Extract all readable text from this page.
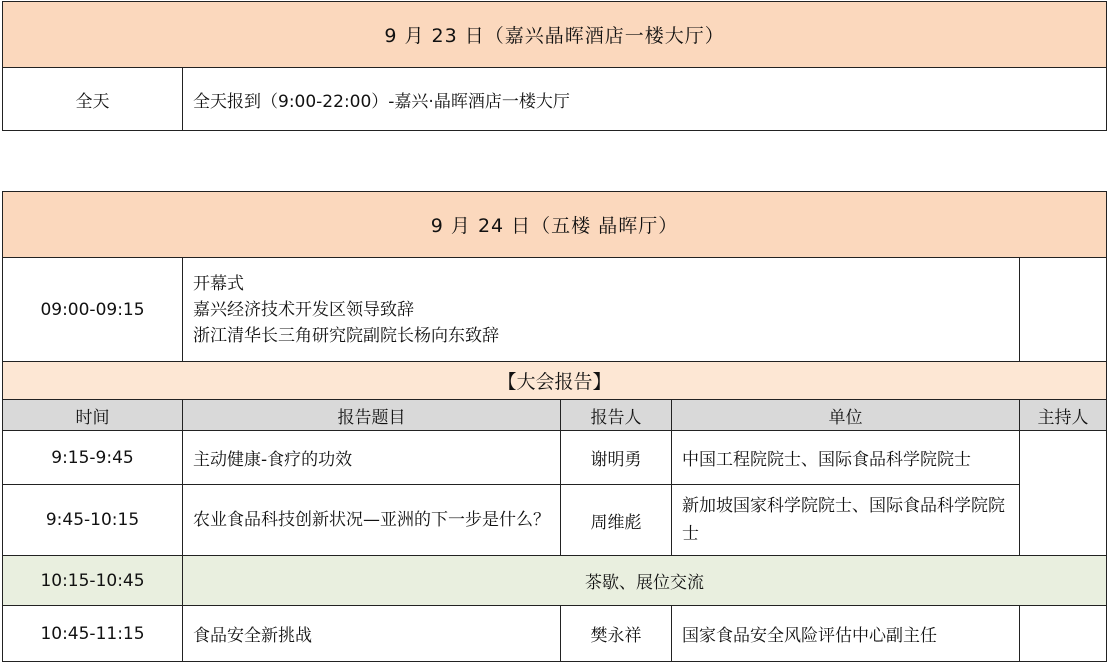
9 月 23 日（嘉兴晶晖酒店一楼大厅）
全天	全天报到（9:00-22:00）-嘉兴·晶晖酒店一楼大厅
9 月 24 日（五楼 晶晖厅）				
09:00-09:15	开幕式
嘉兴经济技术开发区领导致辞
浙江清华长三角研究院副院长杨向东致辞			

【大会报告】				
时间	报告题目	报告人	单位	主持人
9:15-9:45	主动健康-食疗的功效	谢明勇	中国工程院院士、国际食品科学院院士	
9:45-10:15	农业食品科技创新状况—亚洲的下一步是什么？	周维彪	新加坡国家科学院院士、国际食品科学院院士	
10:15-10:45	茶歇、展位交流			
10:45-11:15	食品安全新挑战	樊永祥	国家食品安全风险评估中心副主任	
